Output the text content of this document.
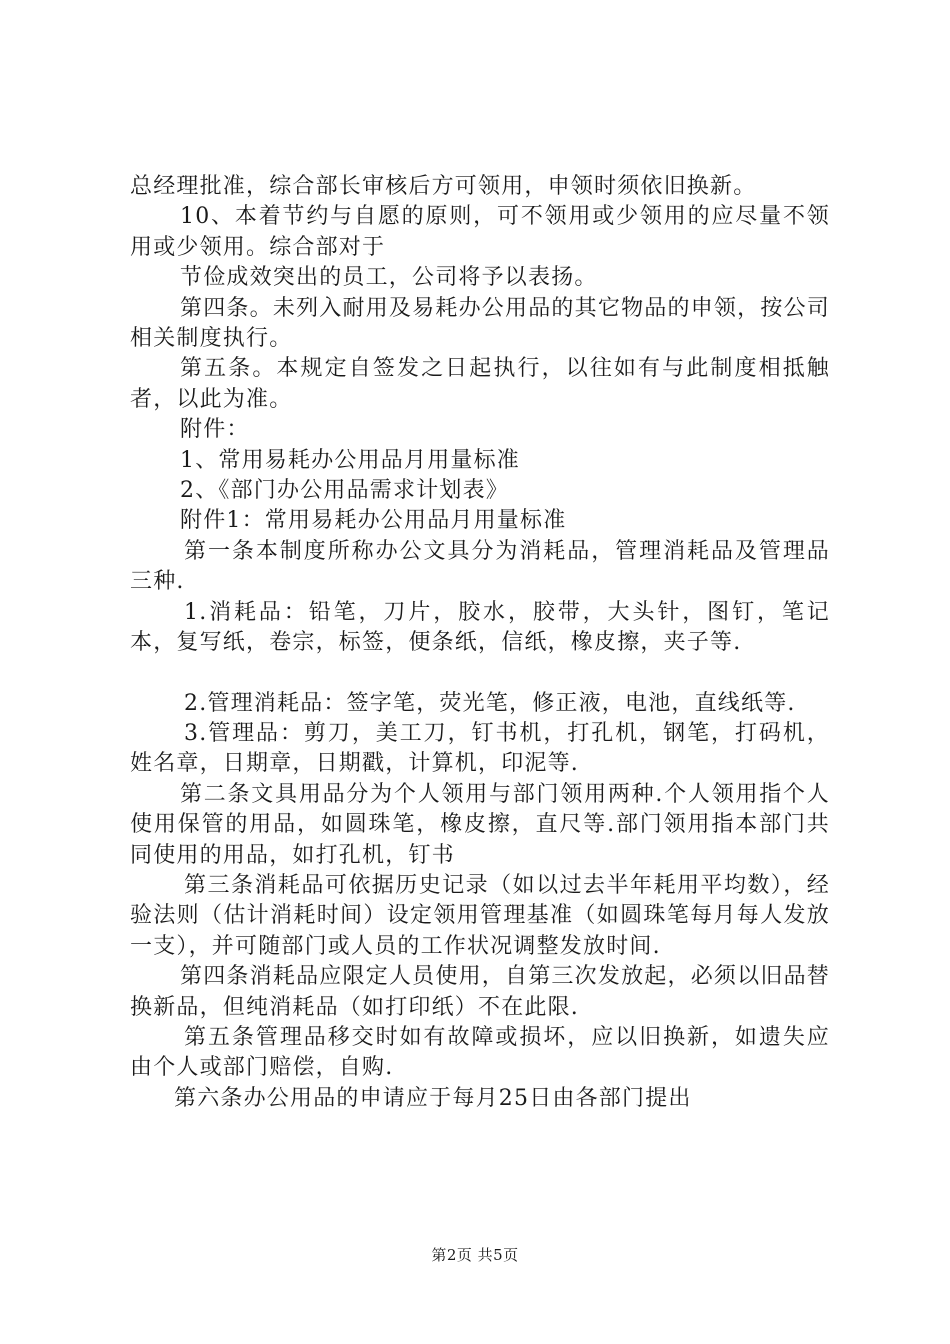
总经理批准，综合部长审核后方可领用，申领时须依旧换新。

10、本着节约与自愿的原则，可不领用或少领用的应尽量不领用或少领用。综合部对于

节俭成效突出的员工，公司将予以表扬。

第四条。未列入耐用及易耗办公用品的其它物品的申领，按公司相关制度执行。

第五条。本规定自签发之日起执行，以往如有与此制度相抵触者，以此为准。

附件：

1、常用易耗办公用品月用量标准

2、《部门办公用品需求计划表》

附件1：常用易耗办公用品月用量标准

第一条本制度所称办公文具分为消耗品，管理消耗品及管理品三种.

1.消耗品：铅笔，刀片，胶水，胶带，大头针，图钉，笔记本，复写纸，卷宗，标签，便条纸，信纸，橡皮擦，夹子等.

2.管理消耗品：签字笔，荧光笔，修正液，电池，直线纸等.

3.管理品：剪刀，美工刀，钉书机，打孔机，钢笔，打码机，姓名章，日期章，日期戳，计算机，印泥等.

第二条文具用品分为个人领用与部门领用两种.个人领用指个人使用保管的用品，如圆珠笔，橡皮擦，直尺等.部门领用指本部门共同使用的用品，如打孔机，钉书

第三条消耗品可依据历史记录（如以过去半年耗用平均数），经验法则（估计消耗时间）设定领用管理基准（如圆珠笔每月每人发放一支），并可随部门或人员的工作状况调整发放时间.

第四条消耗品应限定人员使用，自第三次发放起，必须以旧品替换新品，但纯消耗品（如打印纸）不在此限.

第五条管理品移交时如有故障或损坏，应以旧换新，如遗失应由个人或部门赔偿，自购.

第六条办公用品的申请应于每月25日由各部门提出

第2页 共5页
